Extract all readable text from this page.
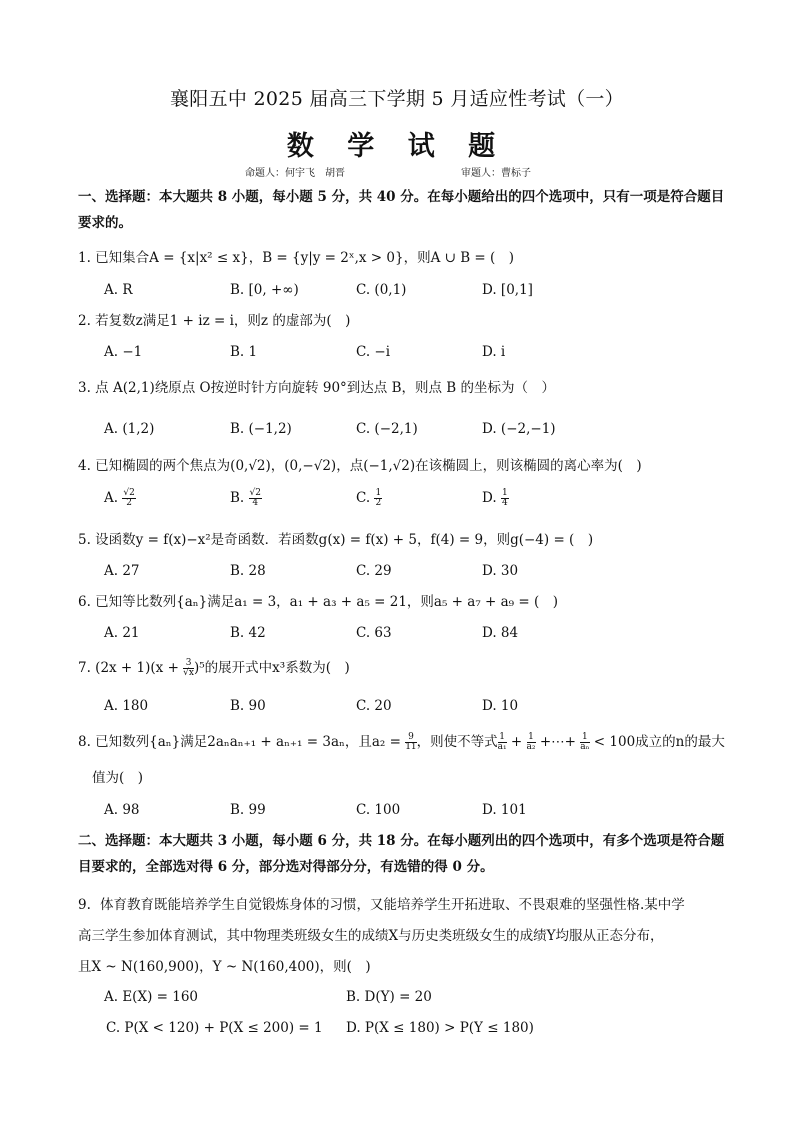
襄阳五中 2025 届高三下学期 5 月适应性考试（一）
数 学 试 题
命题人：何宇飞　胡晋	审题人：曹标子
一、选择题：本大题共 8 小题，每小题 5 分，共 40 分。在每小题给出的四个选项中，只有一项是符合题目要求的。
1. 已知集合A = {x|x² ≤ x}，B = {y|y = 2ˣ,x > 0}，则A ∪ B = (　)
A. R	B. [0, +∞)	C. (0,1)	D. [0,1]
2. 若复数z满足1 + iz = i，则z 的虚部为(　)
A. −1	B. 1	C. −i	D. i
3. 点 A(2,1)绕原点 O按逆时针方向旋转 90°到达点 B，则点 B 的坐标为（　）
A. (1,2)	B. (−1,2)	C. (−2,1)	D. (−2,−1)
4. 已知椭圆的两个焦点为(0,√2)，(0,−√2)，点(−1,√2)在该椭圆上，则该椭圆的离心率为(　)
A. $\frac{√2}{2}$	B. $\frac{√2}{4}$	C. $\frac{1}{2}$	D. $\frac{1}{4}$
5. 设函数y = f(x)−x²是奇函数．若函数g(x) = f(x) + 5，f(4) = 9，则g(−4) = (　)
A. 27	B. 28	C. 29	D. 30
6. 已知等比数列{aₙ}满足a₁ = 3，a₁ + a₃ + a₅ = 21，则a₅ + a₇ + a₉ = (　)
A. 21	B. 42	C. 63	D. 84
7. $(2x + 1)(x + \frac{3}{√x})^5$的展开式中x³系数为(　)
A. 180	B. 90	C. 20	D. 10
8. 已知数列{aₙ}满足2aₙaₙ₊₁ + aₙ₊₁ = 3aₙ，且$a_2 = \frac{9}{11}$，则使不等式 $\frac{1}{\text{a₁}} + \frac{1}{\text{a₂}}$ +⋯+ $\frac{1}{\text{aₙ}} < 100$成立的n的最大
值为(　)
A. 98	B. 99	C. 100	D. 101
二、选择题：本大题共 3 小题，每小题 6 分，共 18 分。在每小题列出的四个选项中，有多个选项是符合题目要求的，全部选对得 6 分，部分选对得部分分，有选错的得 0 分。
9. 体育教育既能培养学生自觉锻炼身体的习惯，又能培养学生开拓进取、不畏艰难的坚强性格.某中学
高三学生参加体育测试，其中物理类班级女生的成绩X与历史类班级女生的成绩Y均服从正态分布，
且X ~ N(160,900)，Y ~ N(160,400)，则(　)
A. E(X) = 160	B. D(Y) = 20
C. P(X < 120) + P(X ≤ 200) = 1 D. P(X ≤ 180) > P(Y ≤ 180)
